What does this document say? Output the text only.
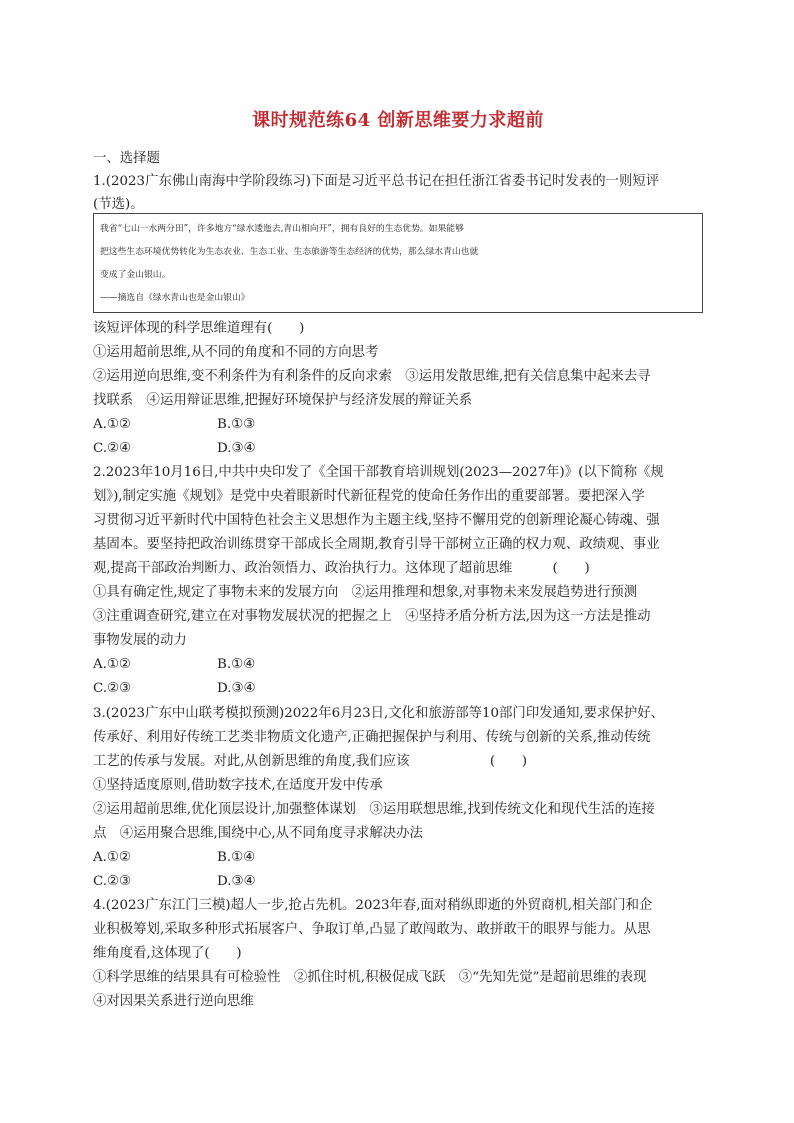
课时规范练64 创新思维要力求超前
一、选择题
1.(2023广东佛山南海中学阶段练习)下面是习近平总书记在担任浙江省委书记时发表的一则短评
(节选)。
我省“七山一水两分田”，许多地方“绿水逶迤去,青山相向开”，拥有良好的生态优势。如果能够
把这些生态环境优势转化为生态农业、生态工业、生态旅游等生态经济的优势，那么绿水青山也就
变成了金山银山。
——摘选自《绿水青山也是金山银山》
该短评体现的科学思维道理有(　　)
①运用超前思维,从不同的角度和不同的方向思考
②运用逆向思维,变不利条件为有利条件的反向求索　③运用发散思维,把有关信息集中起来去寻
找联系　④运用辩证思维,把握好环境保护与经济发展的辩证关系
A.①②	B.①③
C.②④	D.③④
2.2023年10月16日,中共中央印发了《全国干部教育培训规划(2023—2027年)》(以下简称《规
划》),制定实施《规划》是党中央着眼新时代新征程党的使命任务作出的重要部署。要把深入学
习贯彻习近平新时代中国特色社会主义思想作为主题主线,坚持不懈用党的创新理论凝心铸魂、强
基固本。要坚持把政治训练贯穿干部成长全周期,教育引导干部树立正确的权力观、政绩观、事业
观,提高干部政治判断力、政治领悟力、政治执行力。这体现了超前思维　　　(　　)
①具有确定性,规定了事物未来的发展方向　②运用推理和想象,对事物未来发展趋势进行预测
③注重调查研究,建立在对事物发展状况的把握之上　④坚持矛盾分析方法,因为这一方法是推动
事物发展的动力
A.①②	B.①④
C.②③	D.③④
3.(2023广东中山联考模拟预测)2022年6月23日,文化和旅游部等10部门印发通知,要求保护好、
传承好、利用好传统工艺类非物质文化遗产,正确把握保护与利用、传统与创新的关系,推动传统
工艺的传承与发展。对此,从创新思维的角度,我们应该　　　　　　(　　)
①坚持适度原则,借助数字技术,在适度开发中传承
②运用超前思维,优化顶层设计,加强整体谋划　③运用联想思维,找到传统文化和现代生活的连接
点　④运用聚合思维,围绕中心,从不同角度寻求解决办法
A.①②	B.①④
C.②③	D.③④
4.(2023广东江门三模)超人一步,抢占先机。2023年春,面对稍纵即逝的外贸商机,相关部门和企
业积极筹划,采取多种形式拓展客户、争取订单,凸显了敢闯敢为、敢拼敢干的眼界与能力。从思
维角度看,这体现了(　　)
①科学思维的结果具有可检验性　②抓住时机,积极促成飞跃　③“先知先觉”是超前思维的表现
④对因果关系进行逆向思维
